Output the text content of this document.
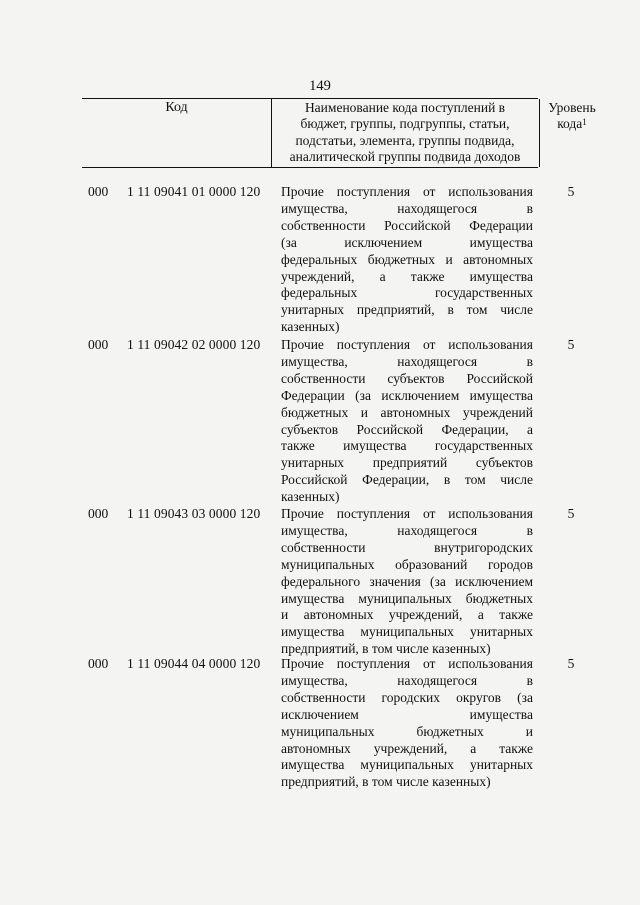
149
Код	Наименование кода поступлений в
бюджет, группы, подгруппы, статьи,
подстатьи, элемента, группы подвида,
аналитической группы подвида доходов
Уровень
кода$^1$
000 1 11 09041 01 0000 120 Прочие поступления от использования
имущества, находящегося в
собственности Российской Федерации
(за исключением имущества
федеральных бюджетных и автономных
учреждений, а также имущества
федеральных государственных
унитарных предприятий, в том числе
казенных)
5
000 1 11 09042 02 0000 120 Прочие поступления от использования
имущества, находящегося в
собственности субъектов Российской
Федерации (за исключением имущества
бюджетных и автономных учреждений
субъектов Российской Федерации, а
также имущества государственных
унитарных предприятий субъектов
Российской Федерации, в том числе
казенных)
5
000 1 11 09043 03 0000 120 Прочие поступления от использования
имущества, находящегося в
собственности внутригородских
муниципальных образований городов
федерального значения (за исключением
имущества муниципальных бюджетных
и автономных учреждений, а также
имущества муниципальных унитарных
предприятий, в том числе казенных)
5
000 1 11 09044 04 0000 120 Прочие поступления от использования
имущества, находящегося в
собственности городских округов (за
исключением имущества
муниципальных бюджетных и
автономных учреждений, а также
имущества муниципальных унитарных
предприятий, в том числе казенных)
5
